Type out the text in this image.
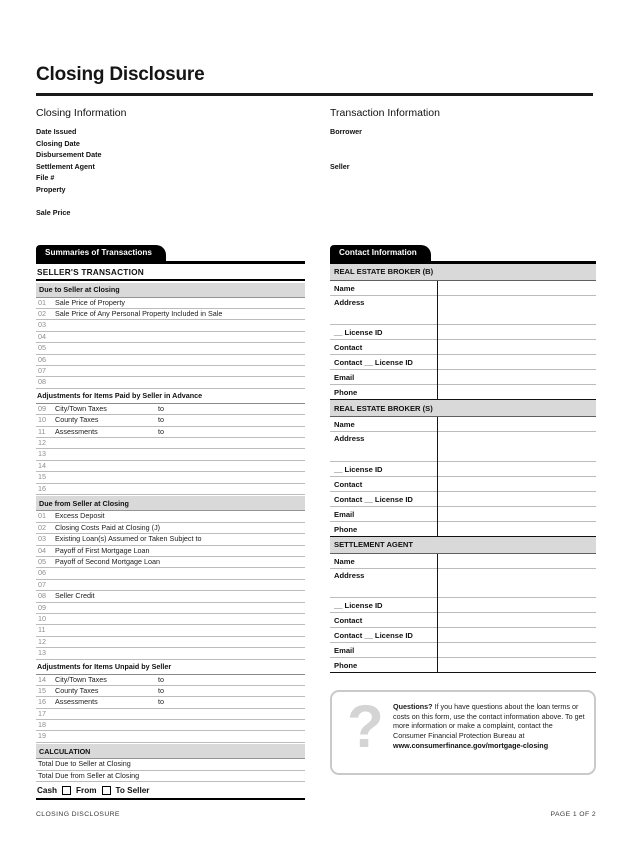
Closing Disclosure
Closing Information
Date Issued
Closing Date
Disbursement Date
Settlement Agent
File #
Property
Sale Price
Transaction Information
Borrower
Seller
Summaries of Transactions
SELLER'S TRANSACTION
Due to Seller at Closing
01	Sale Price of Property
02	Sale Price of Any Personal Property Included in Sale
03
04
05
06
07
08
Adjustments for Items Paid by Seller in Advance
09	City/Town Taxes	to
10	County Taxes	to
11	Assessments	to
12
13
14
15
16
Due from Seller at Closing
01	Excess Deposit
02	Closing Costs Paid at Closing (J)
03	Existing Loan(s) Assumed or Taken Subject to
04	Payoff of First Mortgage Loan
05	Payoff of Second Mortgage Loan
06
07
08	Seller Credit
09
10
11
12
13
Adjustments for Items Unpaid by Seller
14	City/Town Taxes	to
15	County Taxes	to
16	Assessments	to
17
18
19
CALCULATION
Total Due to Seller at Closing
Total Due from Seller at Closing
Cash From To Seller
Contact Information
REAL ESTATE BROKER (B)
Name
Address
__ License ID
Contact
Contact __ License ID
Email
Phone
REAL ESTATE BROKER (S)
Name
Address
__ License ID
Contact
Contact __ License ID
Email
Phone
SETTLEMENT AGENT
Name
Address
__ License ID
Contact
Contact __ License ID
Email
Phone
? Questions? If you have questions about the loan terms or costs on this form, use the contact information above. To get more information or make a complaint, contact the Consumer Financial Protection Bureau at
www.consumerfinance.gov/mortgage-closing
CLOSING DISCLOSURE	PAGE 1 OF 2
